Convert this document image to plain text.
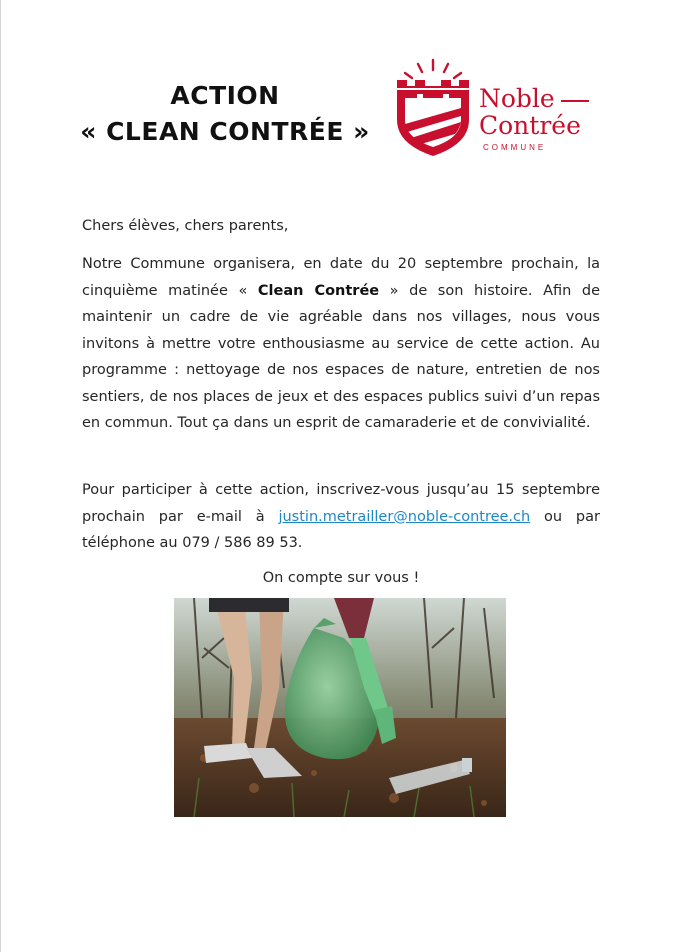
ACTION
« CLEAN CONTRÉE »
Noble
Contrée
COMMUNE
Chers élèves, chers parents,
Notre Commune organisera, en date du 20 septembre prochain, la cinquième matinée « Clean Contrée » de son histoire. Afin de maintenir un cadre de vie agréable dans nos villages, nous vous invitons à mettre votre enthousiasme au service de cette action. Au programme : nettoyage de nos espaces de nature, entretien de nos sentiers, de nos places de jeux et des espaces publics suivi d’un repas en commun. Tout ça dans un esprit de camaraderie et de convivialité.
Pour participer à cette action, inscrivez-vous jusqu’au 15 septembre prochain par e-mail à justin.metrailler@noble-contree.ch ou par téléphone au 079 / 586 89 53.
On compte sur vous !
